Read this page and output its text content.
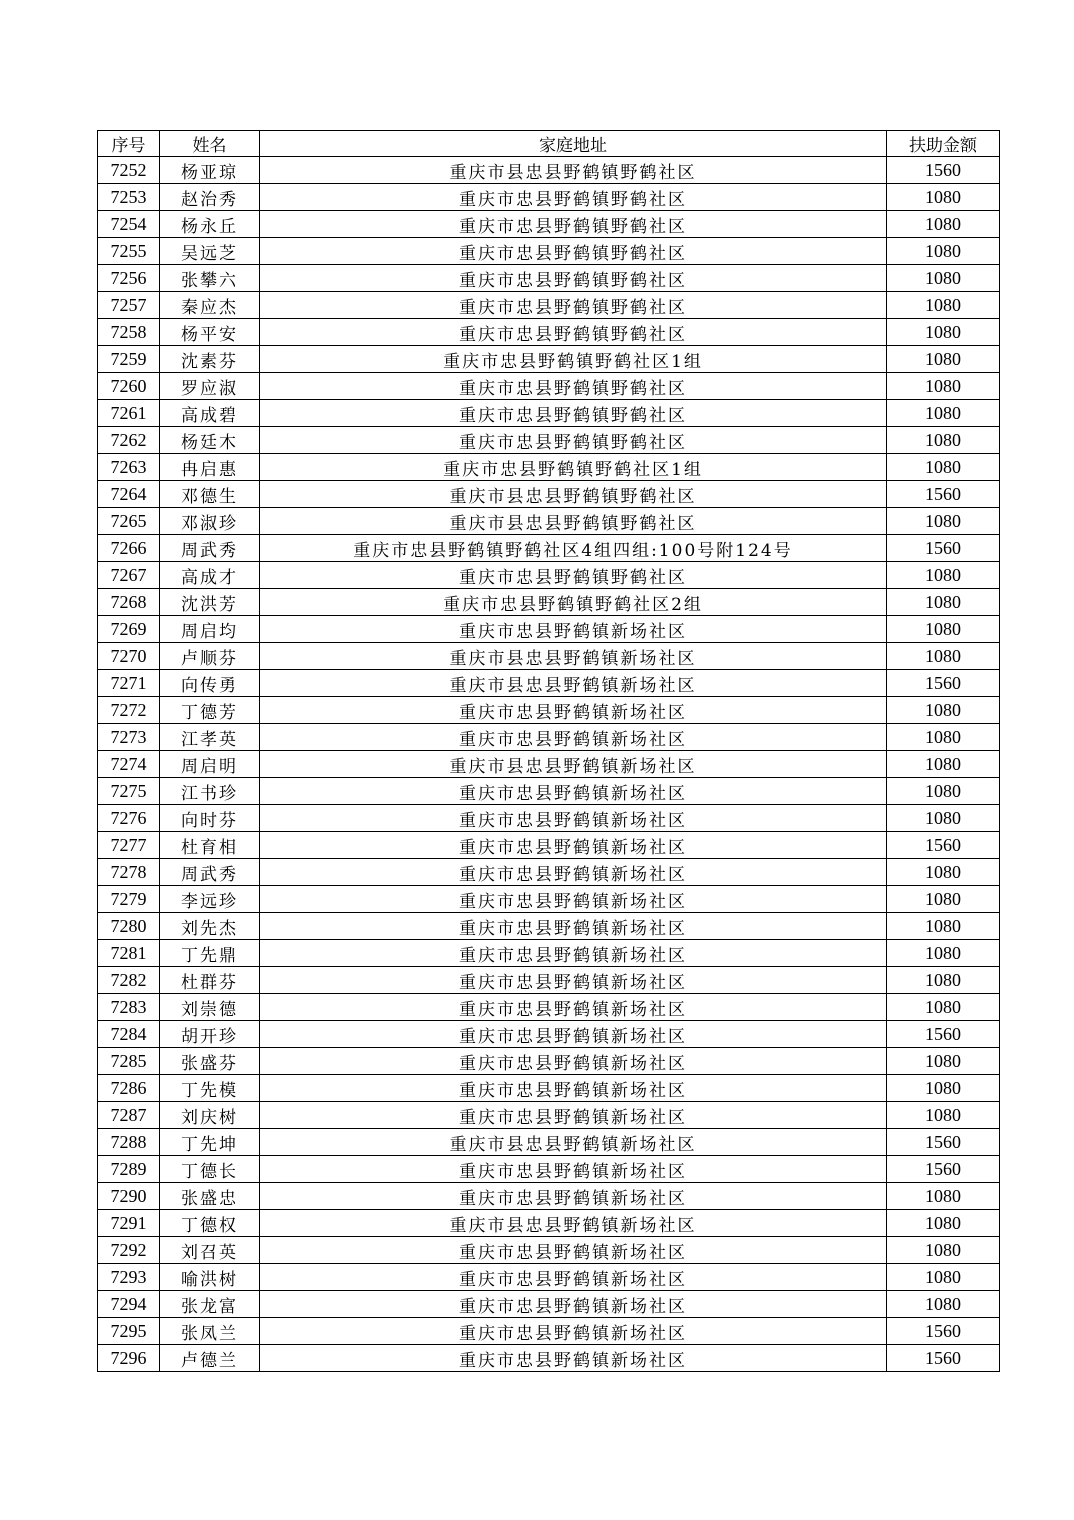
序号	姓名	家庭地址	扶助金额
7252	杨亚琼	重庆市县忠县野鹤镇野鹤社区	1560
7253	赵治秀	重庆市忠县野鹤镇野鹤社区	1080
7254	杨永丘	重庆市忠县野鹤镇野鹤社区	1080
7255	吴远芝	重庆市忠县野鹤镇野鹤社区	1080
7256	张攀六	重庆市忠县野鹤镇野鹤社区	1080
7257	秦应杰	重庆市忠县野鹤镇野鹤社区	1080
7258	杨平安	重庆市忠县野鹤镇野鹤社区	1080
7259	沈素芬	重庆市忠县野鹤镇野鹤社区1组	1080
7260	罗应淑	重庆市忠县野鹤镇野鹤社区	1080
7261	高成碧	重庆市忠县野鹤镇野鹤社区	1080
7262	杨廷木	重庆市忠县野鹤镇野鹤社区	1080
7263	冉启惠	重庆市忠县野鹤镇野鹤社区1组	1080
7264	邓德生	重庆市县忠县野鹤镇野鹤社区	1560
7265	邓淑珍	重庆市县忠县野鹤镇野鹤社区	1080
7266	周武秀	重庆市忠县野鹤镇野鹤社区4组四组:100号附124号	1560
7267	高成才	重庆市忠县野鹤镇野鹤社区	1080
7268	沈洪芳	重庆市忠县野鹤镇野鹤社区2组	1080
7269	周启均	重庆市忠县野鹤镇新场社区	1080
7270	卢顺芬	重庆市县忠县野鹤镇新场社区	1080
7271	向传勇	重庆市县忠县野鹤镇新场社区	1560
7272	丁德芳	重庆市忠县野鹤镇新场社区	1080
7273	江孝英	重庆市忠县野鹤镇新场社区	1080
7274	周启明	重庆市县忠县野鹤镇新场社区	1080
7275	江书珍	重庆市忠县野鹤镇新场社区	1080
7276	向时芬	重庆市忠县野鹤镇新场社区	1080
7277	杜育相	重庆市忠县野鹤镇新场社区	1560
7278	周武秀	重庆市忠县野鹤镇新场社区	1080
7279	李远珍	重庆市忠县野鹤镇新场社区	1080
7280	刘先杰	重庆市忠县野鹤镇新场社区	1080
7281	丁先鼎	重庆市忠县野鹤镇新场社区	1080
7282	杜群芬	重庆市忠县野鹤镇新场社区	1080
7283	刘崇德	重庆市忠县野鹤镇新场社区	1080
7284	胡开珍	重庆市忠县野鹤镇新场社区	1560
7285	张盛芬	重庆市忠县野鹤镇新场社区	1080
7286	丁先模	重庆市忠县野鹤镇新场社区	1080
7287	刘庆树	重庆市忠县野鹤镇新场社区	1080
7288	丁先坤	重庆市县忠县野鹤镇新场社区	1560
7289	丁德长	重庆市忠县野鹤镇新场社区	1560
7290	张盛忠	重庆市忠县野鹤镇新场社区	1080
7291	丁德权	重庆市县忠县野鹤镇新场社区	1080
7292	刘召英	重庆市忠县野鹤镇新场社区	1080
7293	喻洪树	重庆市忠县野鹤镇新场社区	1080
7294	张龙富	重庆市忠县野鹤镇新场社区	1080
7295	张凤兰	重庆市忠县野鹤镇新场社区	1560
7296	卢德兰	重庆市忠县野鹤镇新场社区	1560
